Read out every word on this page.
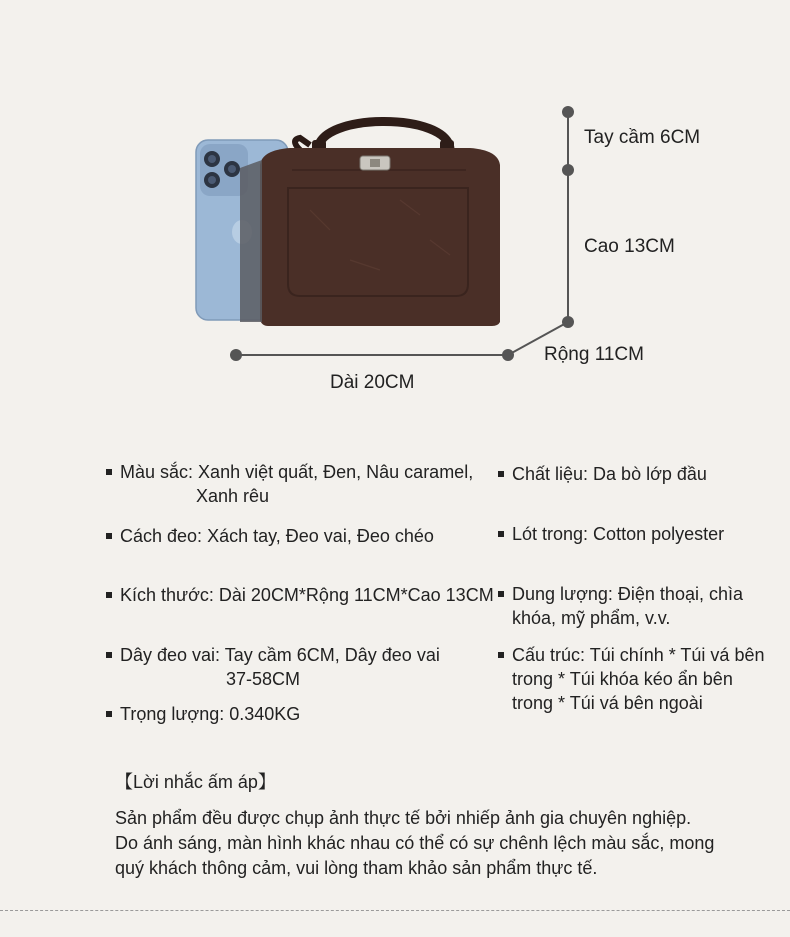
Tay cầm 6CM
Cao 13CM
Rộng 11CM
Dài 20CM
Màu sắc: Xanh việt quất, Đen, Nâu caramel,
Xanh rêu
Cách đeo: Xách tay, Đeo vai, Đeo chéo
Kích thước: Dài 20CM*Rộng 11CM*Cao 13CM
Dây đeo vai: Tay cầm 6CM, Dây đeo vai
37-58CM
Trọng lượng: 0.340KG
Chất liệu: Da bò lớp đầu
Lót trong: Cotton polyester
Dung lượng: Điện thoại, chìa
khóa, mỹ phẩm, v.v.
Cấu trúc: Túi chính * Túi vá bên
trong * Túi khóa kéo ẩn bên
trong * Túi vá bên ngoài
【Lời nhắc ấm áp】
Sản phẩm đều được chụp ảnh thực tế bởi nhiếp ảnh gia chuyên nghiệp.
Do ánh sáng, màn hình khác nhau có thể có sự chênh lệch màu sắc, mong
quý khách thông cảm, vui lòng tham khảo sản phẩm thực tế.
